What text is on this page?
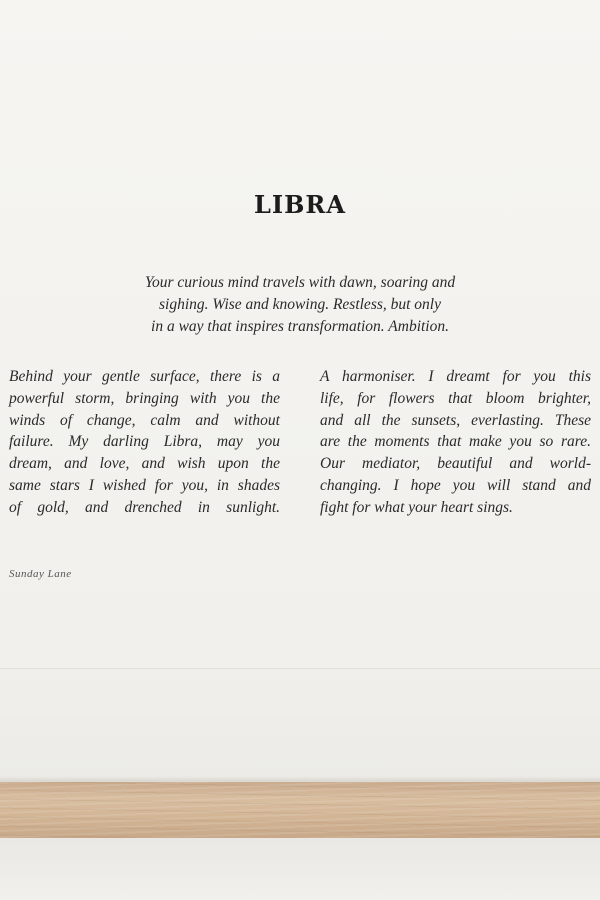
LIBRA

Your curious mind travels with dawn, soaring and
sighing. Wise and knowing. Restless, but only
in a way that inspires transformation. Ambition.

Behind your gentle surface, there is a
powerful storm, bringing with you the
winds of change, calm and without
failure. My darling Libra, may you
dream, and love, and wish upon the
same stars I wished for you, in shades
of gold, and drenched in sunlight.

A harmoniser. I dreamt for you this
life, for flowers that bloom brighter,
and all the sunsets, everlasting. These
are the moments that make you so rare.
Our mediator, beautiful and world-
changing. I hope you will stand and
fight for what your heart sings.

Sunday Lane
